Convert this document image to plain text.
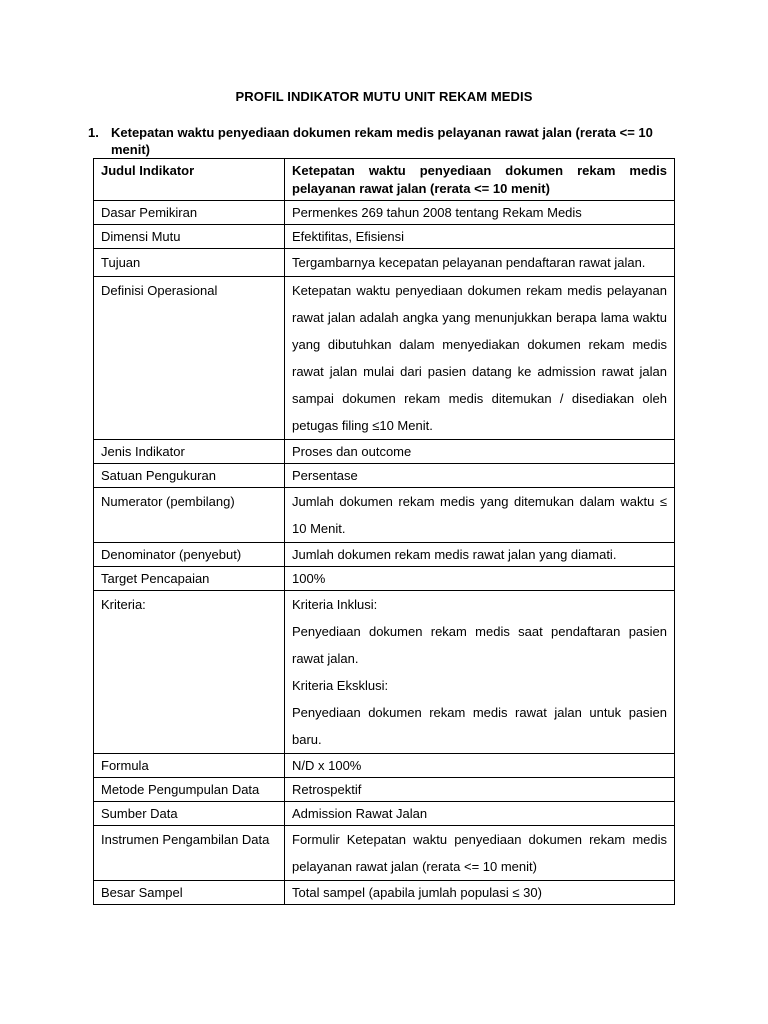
PROFIL INDIKATOR MUTU UNIT REKAM MEDIS
1. Ketepatan waktu penyediaan dokumen rekam medis pelayanan rawat jalan (rerata <= 10 menit)
Judul Indikator	Ketepatan waktu penyediaan dokumen rekam medis pelayanan rawat jalan (rerata <= 10 menit)
Dasar Pemikiran	Permenkes 269 tahun 2008 tentang Rekam Medis
Dimensi Mutu	Efektifitas, Efisiensi
Tujuan	Tergambarnya kecepatan pelayanan pendaftaran rawat jalan.
Definisi Operasional	Ketepatan waktu penyediaan dokumen rekam medis pelayanan rawat jalan adalah angka yang menunjukkan berapa lama waktu yang dibutuhkan dalam menyediakan dokumen rekam medis rawat jalan mulai dari pasien datang ke admission rawat jalan sampai dokumen rekam medis ditemukan / disediakan oleh petugas filing ≤10 Menit.
Jenis Indikator	Proses dan outcome
Satuan Pengukuran	Persentase
Numerator (pembilang)	Jumlah dokumen rekam medis yang ditemukan dalam waktu ≤ 10 Menit.
Denominator (penyebut)	Jumlah dokumen rekam medis rawat jalan yang diamati.
Target Pencapaian	100%
Kriteria:	Kriteria Inklusi:
Penyediaan dokumen rekam medis saat pendaftaran pasien rawat jalan.
Kriteria Eksklusi:
Penyediaan dokumen rekam medis rawat jalan untuk pasien baru.

Formula	N/D x 100%
Metode Pengumpulan Data	Retrospektif
Sumber Data	Admission Rawat Jalan
Instrumen Pengambilan Data	Formulir Ketepatan waktu penyediaan dokumen rekam medis pelayanan rawat jalan (rerata <= 10 menit)
Besar Sampel	Total sampel (apabila jumlah populasi ≤ 30)
